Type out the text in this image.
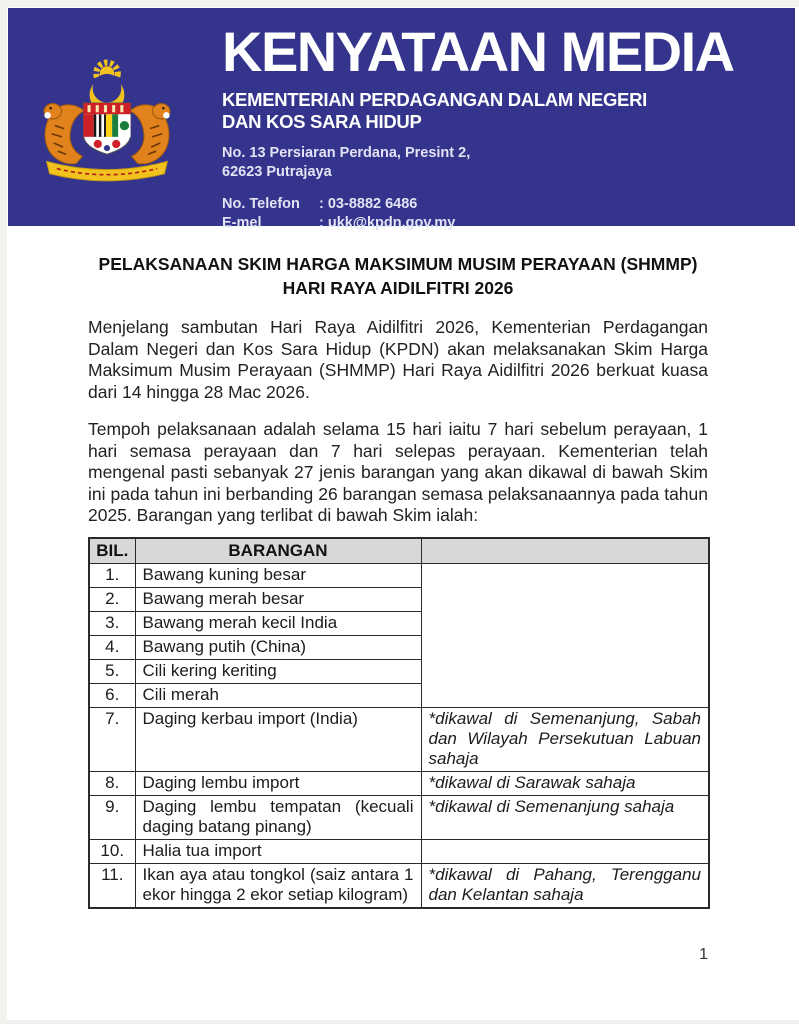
KENYATAAN MEDIA
KEMENTERIAN PERDAGANGAN DALAM NEGERI
DAN KOS SARA HIDUP
No. 13 Persiaran Perdana, Presint 2,
62623 Putrajaya
No. Telefon	: 03-8882 6486
E-mel	: ukk@kpdn.gov.my
PELAKSANAAN SKIM HARGA MAKSIMUM MUSIM PERAYAAN (SHMMP)
HARI RAYA AIDILFITRI 2026

Menjelang sambutan Hari Raya Aidilfitri 2026, Kementerian Perdagangan Dalam Negeri dan Kos Sara Hidup (KPDN) akan melaksanakan Skim Harga Maksimum Musim Perayaan (SHMMP) Hari Raya Aidilfitri 2026 berkuat kuasa dari 14 hingga 28 Mac 2026.

Tempoh pelaksanaan adalah selama 15 hari iaitu 7 hari sebelum perayaan, 1 hari semasa perayaan dan 7 hari selepas perayaan. Kementerian telah mengenal pasti sebanyak 27 jenis barangan yang akan dikawal di bawah Skim ini pada tahun ini berbanding 26 barangan semasa pelaksanaannya pada tahun 2025. Barangan yang terlibat di bawah Skim ialah:

BIL.	BARANGAN	
1.	Bawang kuning besar	
2.	Bawang merah besar	
3.	Bawang merah kecil India	
4.	Bawang putih (China)	
5.	Cili kering keriting	
6.	Cili merah	
7.	Daging kerbau import (India)	*dikawal di Semenanjung, Sabah dan Wilayah Persekutuan Labuan sahaja
8.	Daging lembu import	*dikawal di Sarawak sahaja
9.	Daging lembu tempatan (kecuali daging batang pinang)	*dikawal di Semenanjung sahaja
10.	Halia tua import	
11.	Ikan aya atau tongkol (saiz antara 1 ekor hingga 2 ekor setiap kilogram)	*dikawal di Pahang, Terengganu dan Kelantan sahaja
1
